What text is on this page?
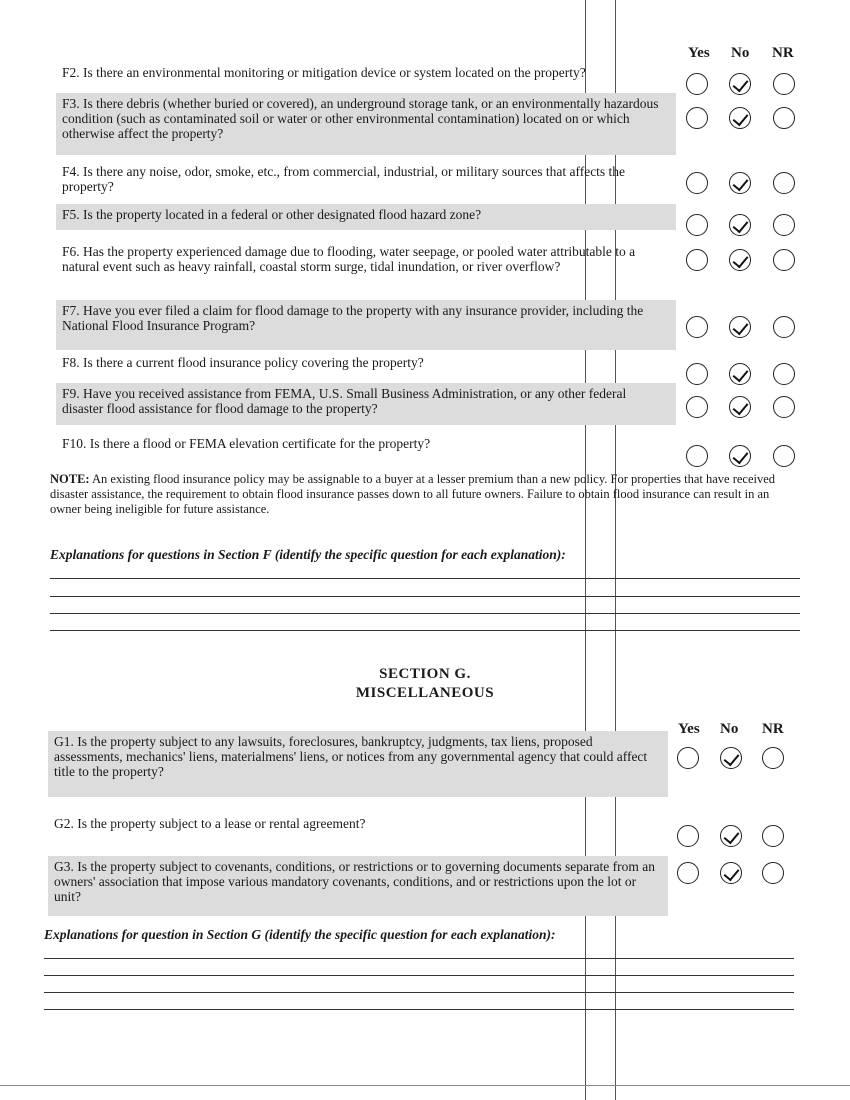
Yes No NR
F2. Is there an environmental monitoring or mitigation device or system located on the property?
F3. Is there debris (whether buried or covered), an underground storage tank, or an environmentally hazardous condition (such as contaminated soil or water or other environmental contamination) located on or which otherwise affect the property?
F4. Is there any noise, odor, smoke, etc., from commercial, industrial, or military sources that affects the property?
F5. Is the property located in a federal or other designated flood hazard zone?
F6. Has the property experienced damage due to flooding, water seepage, or pooled water attributable to a natural event such as heavy rainfall, coastal storm surge, tidal inundation, or river overflow?
F7. Have you ever filed a claim for flood damage to the property with any insurance provider, including the National Flood Insurance Program?
F8. Is there a current flood insurance policy covering the property?
F9. Have you received assistance from FEMA, U.S. Small Business Administration, or any other federal disaster flood assistance for flood damage to the property?
F10. Is there a flood or FEMA elevation certificate for the property?
NOTE: An existing flood insurance policy may be assignable to a buyer at a lesser premium than a new policy. For properties that have received disaster assistance, the requirement to obtain flood insurance passes down to all future owners. Failure to obtain flood insurance can result in an owner being ineligible for future assistance.
Explanations for questions in Section F (identify the specific question for each explanation):
SECTION G.
MISCELLANEOUS
Yes No NR
G1. Is the property subject to any lawsuits, foreclosures, bankruptcy, judgments, tax liens, proposed assessments, mechanics' liens, materialmens' liens, or notices from any governmental agency that could affect title to the property?
G2. Is the property subject to a lease or rental agreement?
G3. Is the property subject to covenants, conditions, or restrictions or to governing documents separate from an owners' association that impose various mandatory covenants, conditions, and or restrictions upon the lot or unit?
Explanations for question in Section G (identify the specific question for each explanation):
